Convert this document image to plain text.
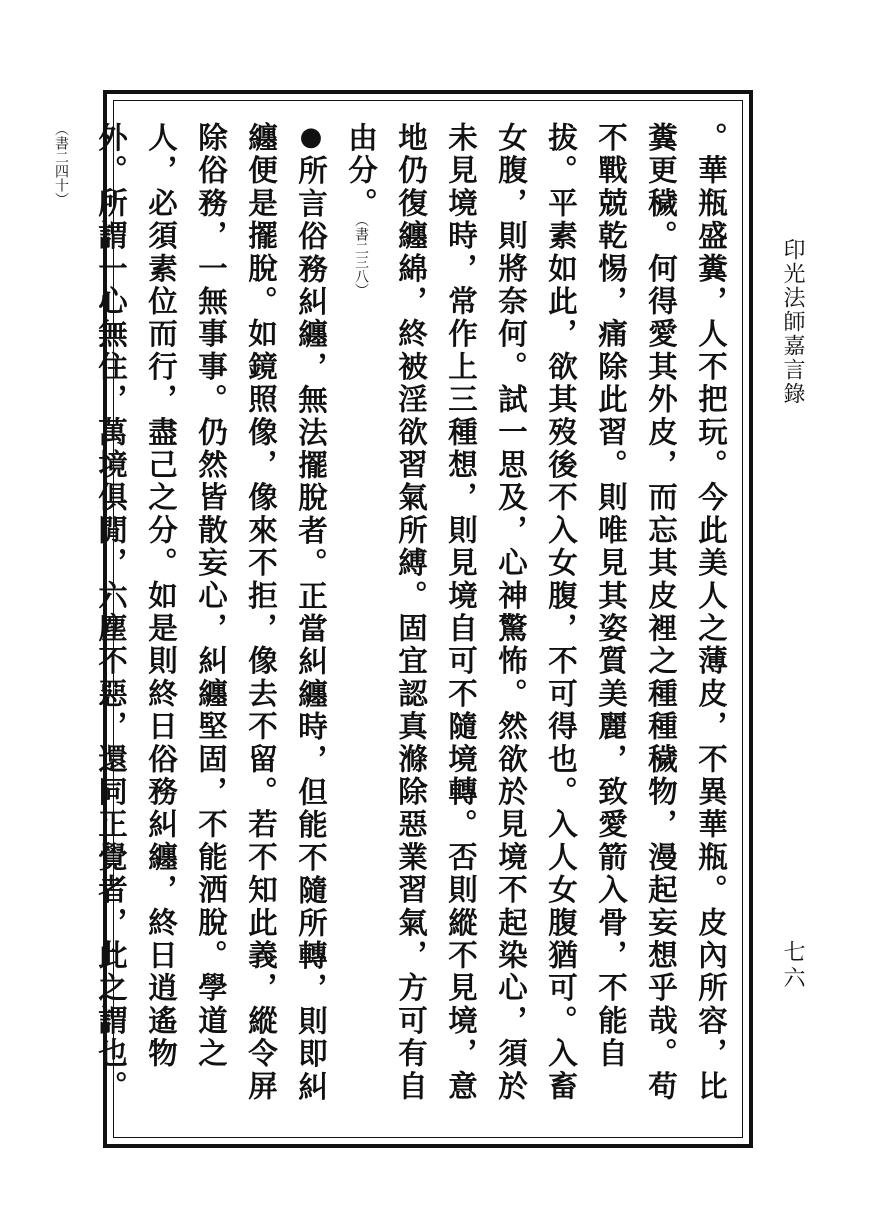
印光法師嘉言錄
七六

。華瓶盛糞，人不把玩。今此美人之薄皮，不異華瓶。皮內所容，比糞更穢。何得愛其外皮，而忘其皮裡之種種穢物，漫起妄想乎哉。苟不戰兢乾惕，痛除此習。則唯見其姿質美麗，致愛箭入骨，不能自拔。平素如此，欲其歿後不入女腹，不可得也。入人女腹猶可。入畜女腹，則將奈何。試一思及，心神驚怖。然欲於見境不起染心，須於未見境時，常作上三種想，則見境自可不隨境轉。否則縱不見境，意地仍復纏綿，終被淫欲習氣所縛。固宜認真滌除惡業習氣，方可有自由分。（書二三八）

●所言俗務糾纏，無法擺脫者。正當糾纏時，但能不隨所轉，則即糾纏便是擺脫。如鏡照像，像來不拒，像去不留。若不知此義，縱令屏除俗務，一無事事。仍然皆散妄心，糾纏堅固，不能洒脫。學道之人，必須素位而行，盡己之分。如是則終日俗務糾纏，終日逍遙物外。所謂一心無住，萬境俱閒，六塵不惡，還同正覺者，此之謂也。（書二四十）
